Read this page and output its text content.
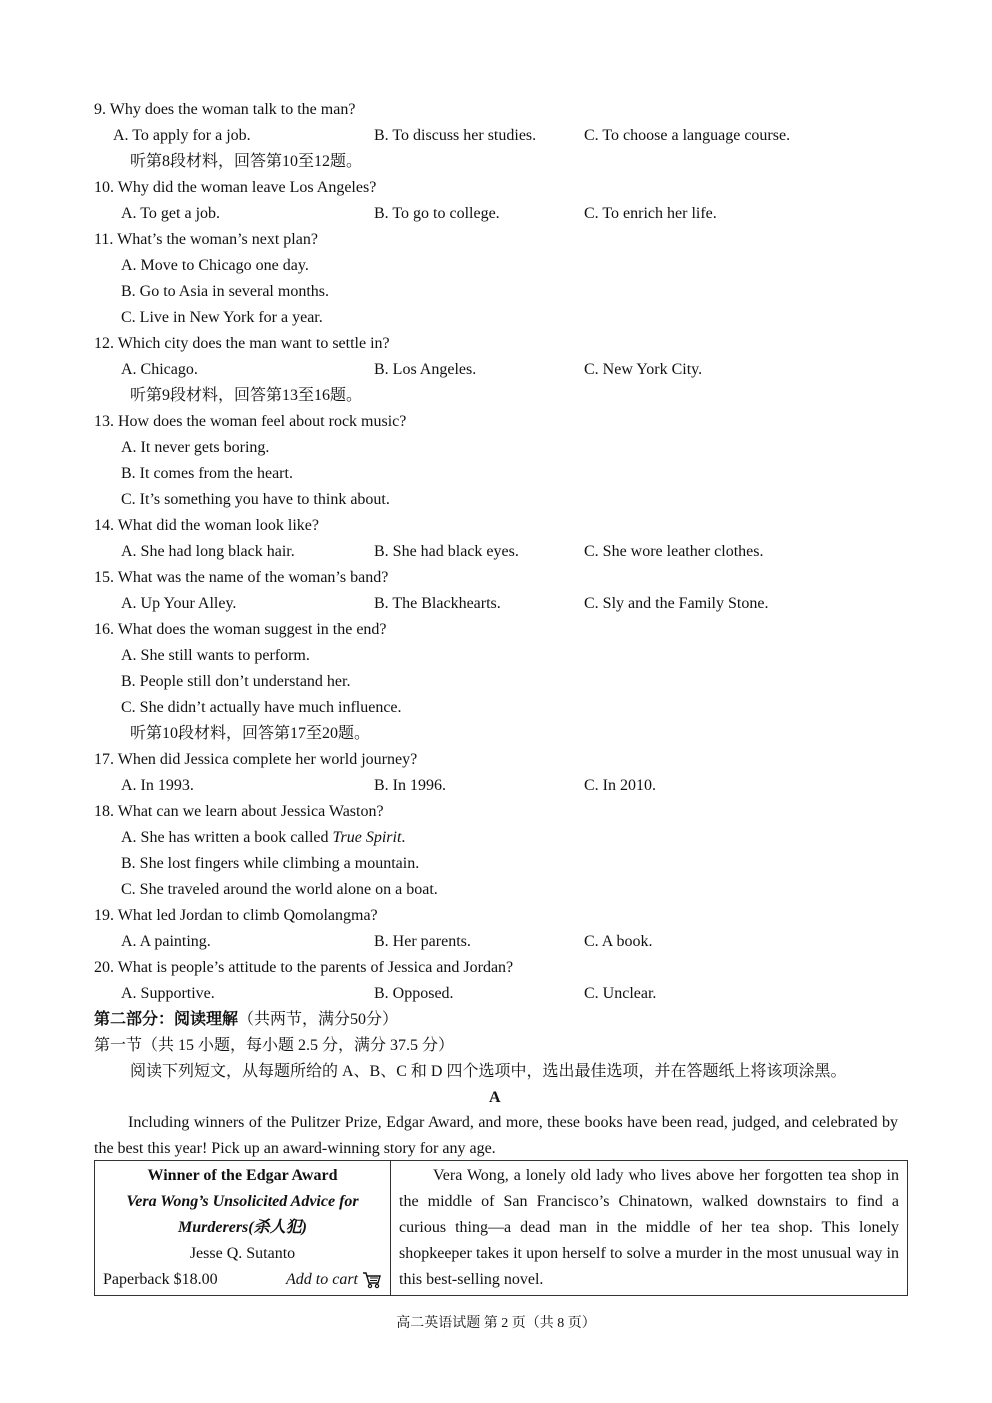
9. Why does the woman talk to the man?
A. To apply for a job.	B. To discuss her studies.	C. To choose a language course.
听第8段材料，回答第10至12题。
10. Why did the woman leave Los Angeles?
A. To get a job.	B. To go to college.	C. To enrich her life.
11. What’s the woman’s next plan?
A. Move to Chicago one day.
B. Go to Asia in several months.
C. Live in New York for a year.
12. Which city does the man want to settle in?
A. Chicago.	B. Los Angeles.	C. New York City.
听第9段材料，回答第13至16题。
13. How does the woman feel about rock music?
A. It never gets boring.
B. It comes from the heart.
C. It’s something you have to think about.
14. What did the woman look like?
A. She had long black hair.	B. She had black eyes.	C. She wore leather clothes.
15. What was the name of the woman’s band?
A. Up Your Alley.	B. The Blackhearts.	C. Sly and the Family Stone.
16. What does the woman suggest in the end?
A. She still wants to perform.
B. People still don’t understand her.
C. She didn’t actually have much influence.
听第10段材料，回答第17至20题。
17. When did Jessica complete her world journey?
A. In 1993.	B. In 1996.	C. In 2010.
18. What can we learn about Jessica Waston?
A. She has written a book called True Spirit.
B. She lost fingers while climbing a mountain.
C. She traveled around the world alone on a boat.
19. What led Jordan to climb Qomolangma?
A. A painting.	B. Her parents.	C. A book.
20. What is people’s attitude to the parents of Jessica and Jordan?
A. Supportive.	B. Opposed.	C. Unclear.
第二部分：阅读理解（共两节，满分50分）
第一节（共 15 小题，每小题 2.5 分，满分 37.5 分）
阅读下列短文，从每题所给的 A、B、C 和 D 四个选项中，选出最佳选项，并在答题纸上将该项涂黑。
A
Including winners of the Pulitzer Prize, Edgar Award, and more, these books have been read, judged, and celebrated by the best this year! Pick up an award-winning story for any age.
Winner of the Edgar Award
Vera Wong’s Unsolicited Advice for Murderers(杀人犯)
Jesse Q. Sutanto
Paperback $18.00	Add to cart
	Vera Wong, a lonely old lady who lives above her forgotten tea shop in the middle of San Francisco’s Chinatown, walked downstairs to find a curious thing—a dead man in the middle of her tea shop. This lonely shopkeeper takes it upon herself to solve a murder in the most unusual way in this best-selling novel.
高二英语试题 第 2 页（共 8 页）
